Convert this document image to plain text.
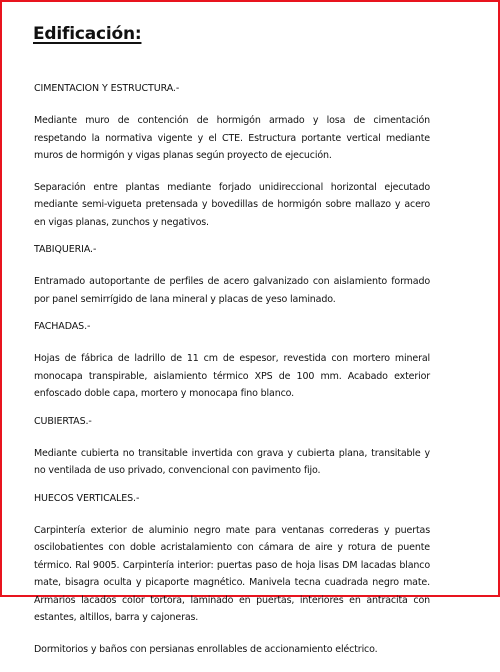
Edificación:

CIMENTACION Y ESTRUCTURA.-

Mediante muro de contención de hormigón armado y losa de cimentación respetando la normativa vigente y el CTE. Estructura portante vertical mediante muros de hormigón y vigas planas según proyecto de ejecución.

Separación entre plantas mediante forjado unidireccional horizontal ejecutado mediante semi-vigueta pretensada y bovedillas de hormigón sobre mallazo y acero en vigas planas, zunchos y negativos.

TABIQUERIA.-

Entramado autoportante de perfiles de acero galvanizado con aislamiento formado por panel semirrígido de lana mineral y placas de yeso laminado.

FACHADAS.-

Hojas de fábrica de ladrillo de 11 cm de espesor, revestida con mortero mineral monocapa transpirable, aislamiento térmico XPS de 100 mm. Acabado exterior enfoscado doble capa, mortero y monocapa fino blanco.

CUBIERTAS.-

Mediante cubierta no transitable invertida con grava y cubierta plana, transitable y no ventilada de uso privado, convencional con pavimento fijo.

HUECOS VERTICALES.-

Carpintería exterior de aluminio negro mate para ventanas correderas y puertas oscilobatientes con doble acristalamiento con cámara de aire y rotura de puente térmico. Ral 9005. Carpintería interior: puertas paso de hoja lisas DM lacadas blanco mate, bisagra oculta y picaporte magnético. Manivela tecna cuadrada negro mate. Armarios lacados color tortora, laminado en puertas, interiores en antracita con estantes, altillos, barra y cajoneras.

Dormitorios y baños con persianas enrollables de accionamiento eléctrico.
